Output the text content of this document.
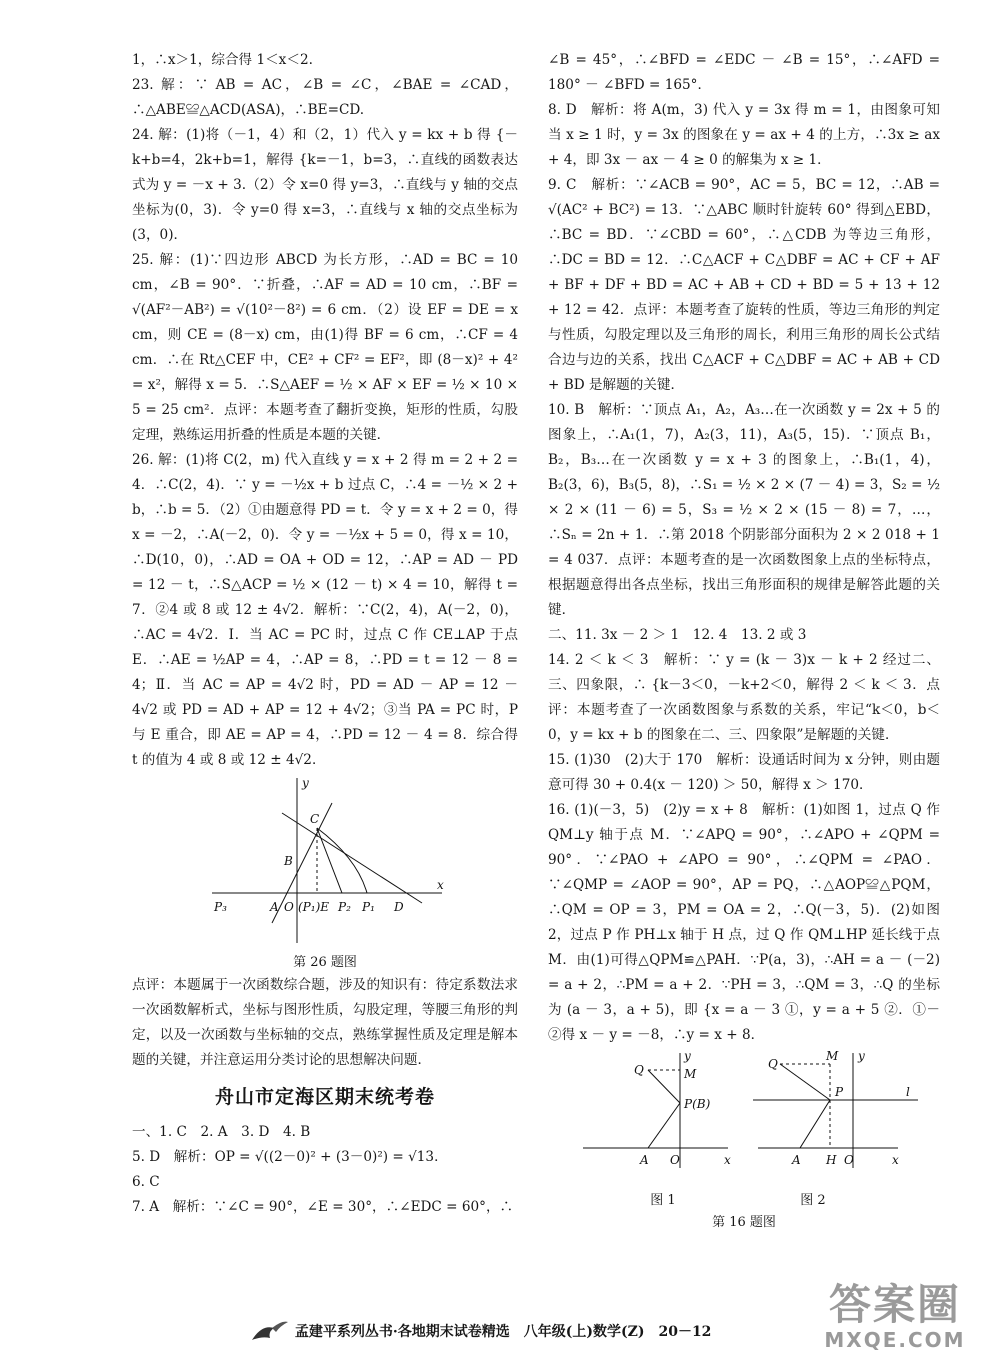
1，∴x＞1，综合得 1＜x＜2.

23. 解：∵ AB = AC，∠B = ∠C，∠BAE = ∠CAD，∴△ABE≌△ACD(ASA)，∴BE=CD.

24. 解：(1)将（－1，4）和（2，1）代入 y = kx + b 得 {－k+b=4，2k+b=1，解得 {k=－1，b=3，∴直线的函数表达式为 y = －x + 3.（2）令 x=0 得 y=3，∴直线与 y 轴的交点坐标为(0，3)．令 y=0 得 x=3，∴直线与 x 轴的交点坐标为(3，0)．

25. 解：(1)∵四边形 ABCD 为长方形，∴AD = BC = 10 cm，∠B = 90°．∵折叠，∴AF = AD = 10 cm，∴BF = √(AF²－AB²) = √(10²－8²) = 6 cm．（2）设 EF = DE = x cm，则 CE = (8－x) cm，由(1)得 BF = 6 cm，∴CF = 4 cm．∴在 Rt△CEF 中，CE² + CF² = EF²，即 (8－x)² + 4² = x²，解得 x = 5．∴S△AEF = ½ × AF × EF = ½ × 10 × 5 = 25 cm²．点评：本题考查了翻折变换，矩形的性质，勾股定理，熟练运用折叠的性质是本题的关键．

26. 解：(1)将 C(2，m) 代入直线 y = x + 2 得 m = 2 + 2 = 4．∴C(2，4)．∵ y = －½x + b 过点 C，∴4 = －½ × 2 + b，∴b = 5．（2）①由题意得 PD = t．令 y = x + 2 = 0，得 x = －2，∴A(－2，0)．令 y = －½x + 5 = 0，得 x = 10，∴D(10，0)，∴AD = OA + OD = 12，∴AP = AD － PD = 12 － t，∴S△ACP = ½ × (12 － t) × 4 = 10，解得 t = 7．②4 或 8 或 12 ± 4√2．解析：∵C(2，4)，A(－2，0)，∴AC = 4√2．Ⅰ．当 AC = PC 时，过点 C 作 CE⊥AP 于点 E．∴AE = ½AP = 4，∴AP = 8，∴PD = t = 12 － 8 = 4；Ⅱ．当 AC = AP = 4√2 时，PD = AD － AP = 12 － 4√2 或 PD = AD + AP = 12 + 4√2；③当 PA = PC 时，P 与 E 重合，即 AE = AP = 4，∴PD = 12 － 4 = 8．综合得 t 的值为 4 或 8 或 12 ± 4√2．

y
x
C
B
P₃	A O (P₁)E P₂ P₁ D
第 26 题图

点评：本题属于一次函数综合题，涉及的知识有：待定系数法求一次函数解析式，坐标与图形性质，勾股定理，等腰三角形的判定，以及一次函数与坐标轴的交点，熟练掌握性质及定理是解本题的关键，并注意运用分类讨论的思想解决问题．

舟山市定海区期末统考卷

一、1. C　2. A　3. D　4. B

5. D　解析：OP = √((2－0)² + (3－0)²) = √13．

6. C

7. A　解析：∵∠C = 90°，∠E = 30°，∴∠EDC = 60°，∴

∠B = 45°，∴∠BFD = ∠EDC － ∠B = 15°，∴∠AFD = 180° － ∠BFD = 165°．

8. D　解析：将 A(m，3) 代入 y = 3x 得 m = 1，由图象可知当 x ≥ 1 时，y = 3x 的图象在 y = ax + 4 的上方，∴3x ≥ ax + 4，即 3x － ax － 4 ≥ 0 的解集为 x ≥ 1．

9. C　解析：∵∠ACB = 90°，AC = 5，BC = 12，∴AB = √(AC² + BC²) = 13．∵△ABC 顺时针旋转 60° 得到△EBD，∴BC = BD．∵∠CBD = 60°，∴△CDB 为等边三角形，∴DC = BD = 12．∴C△ACF + C△DBF = AC + CF + AF + BF + DF + BD = AC + AB + CD + BD = 5 + 13 + 12 + 12 = 42．点评：本题考查了旋转的性质，等边三角形的判定与性质，勾股定理以及三角形的周长，利用三角形的周长公式结合边与边的关系，找出 C△ACF + C△DBF = AC + AB + CD + BD 是解题的关键．

10. B　解析：∵顶点 A₁，A₂，A₃…在一次函数 y = 2x + 5 的图象上，∴A₁(1，7)，A₂(3，11)，A₃(5，15)．∵顶点 B₁，B₂，B₃…在一次函数 y = x + 3 的图象上，∴B₁(1，4)，B₂(3，6)，B₃(5，8)，∴S₁ = ½ × 2 × (7 － 4) = 3，S₂ = ½ × 2 × (11 － 6) = 5，S₃ = ½ × 2 × (15 － 8) = 7，…，∴Sₙ = 2n + 1．∴第 2018 个阴影部分面积为 2 × 2 018 + 1 = 4 037．点评：本题考查的是一次函数图象上点的坐标特点，根据题意得出各点坐标，找出三角形面积的规律是解答此题的关键．

二、11. 3x － 2 ＞ 1　12. 4　13. 2 或 3

14. 2 ＜ k ＜ 3　解析：∵ y = (k － 3)x － k + 2 经过二、三、四象限，∴ {k－3＜0，－k+2＜0，解得 2 ＜ k ＜ 3．点评：本题考查了一次函数图象与系数的关系，牢记“k＜0，b＜0，y = kx + b 的图象在二、三、四象限”是解题的关键．

15. (1)30　(2)大于 170　解析：设通话时间为 x 分钟，则由题意可得 30 + 0.4(x － 120) ＞ 50，解得 x ＞ 170．

16. (1)(－3，5)　(2)y = x + 8　解析：(1)如图 1，过点 Q 作 QM⊥y 轴于点 M．∵∠APQ = 90°，∴∠APO + ∠QPM = 90°．∵∠PAO + ∠APO = 90°，∴∠QPM = ∠PAO．∵∠QMP = ∠AOP = 90°，AP = PQ，∴△AOP≌△PQM，∴QM = OP = 3，PM = OA = 2，∴Q(－3，5)．(2)如图 2，过点 P 作 PH⊥x 轴于 H 点，过 Q 作 QM⊥HP 延长线于点 M．由(1)可得△QPM≌△PAH．∵P(a，3)，∴AH = a － (－2) = a + 2，∴PM = a + 2．∵PH = 3，∴QM = 3，∴Q 的坐标为 (a － 3，a + 5)，即 {x = a － 3 ①，y = a + 5 ②．①－②得 x － y = －8，∴y = x + 8．

Q
y
M
P(B)
A O	x
Q
M y
P	l
A H O	x
图 1	图 2
第 16 题图
孟建平系列丛书·各地期末试卷精选　八年级(上)数学(Z)　20－12
答案圈
MXQE.COM
